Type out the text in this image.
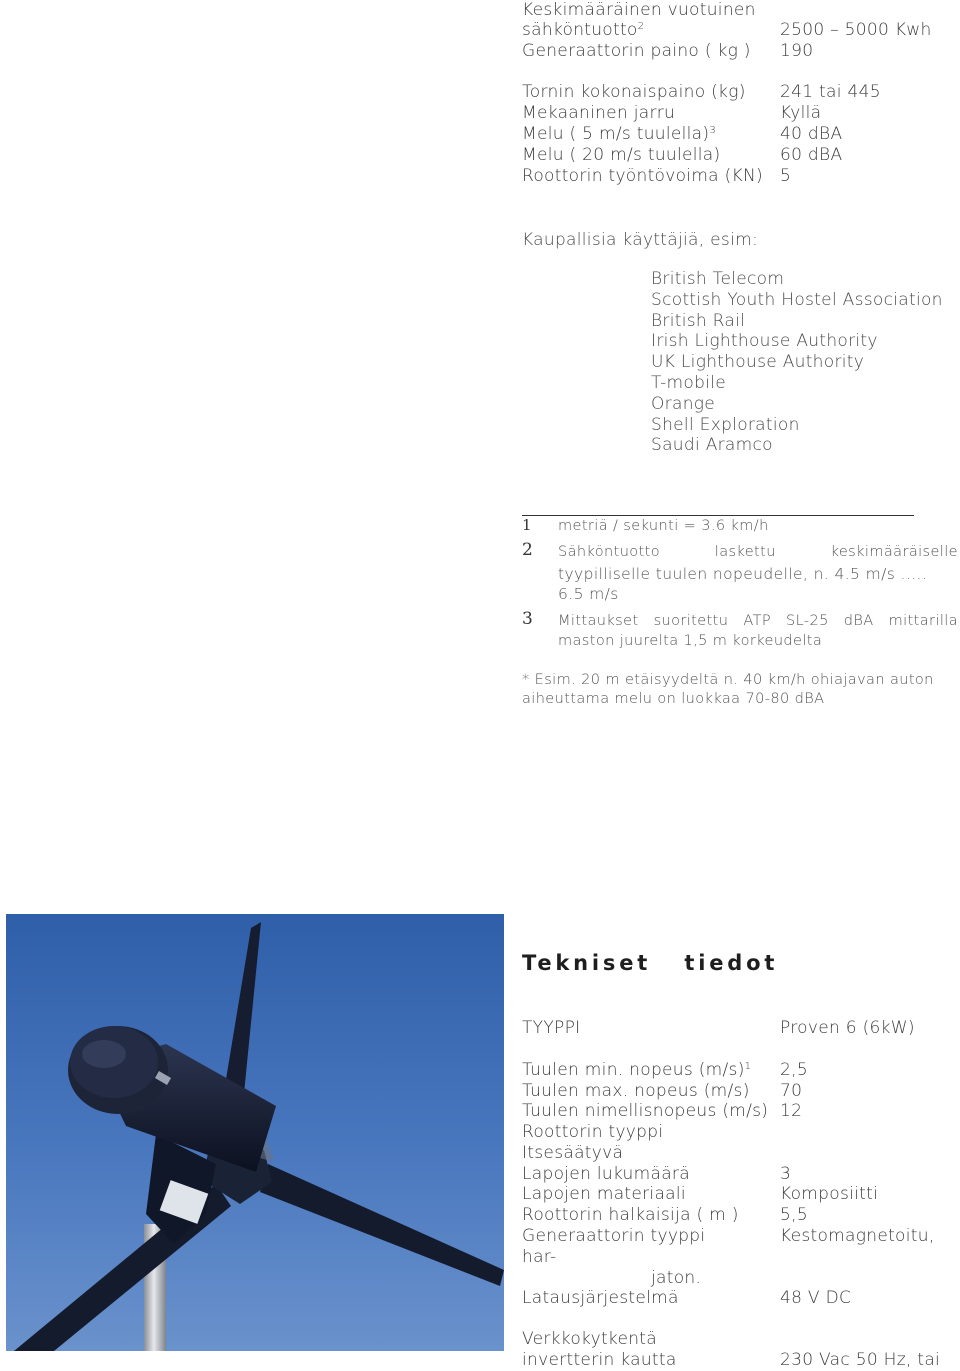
Keskimääräinen vuotuinen
sähköntuotto$^2$	2500 – 5000 Kwh
Generaattorin paino ( kg ) 190
Tornin kokonaispaino (kg) 241 tai 445
Mekaaninen jarru	Kyllä
Melu ( 5 m/s tuulella)$^3$	40 dBA
Melu ( 20 m/s tuulella)	60 dBA
Roottorin työntövoima (KN) 5
Kaupallisia käyttäjiä, esim:
British Telecom
Scottish Youth Hostel Association
British Rail
Irish Lighthouse Authority
UK Lighthouse Authority
T-mobile
Orange
Shell Exploration
Saudi Aramco
1 metriä / sekunti = 3.6 km/h
2 Sähköntuotto	laskettu	keskimääräiselle
tyypilliselle tuulen nopeudelle, n. 4.5 m/s .....
6.5 m/s
3 Mittaukset suoritettu ATP SL-25 dBA mittarilla
maston juurelta 1,5 m korkeudelta
* Esim. 20 m etäisyydeltä n. 40 km/h ohiajavan auton
aiheuttama melu on luokkaa 70-80 dBA
Tekniset   tiedot
TYYPPI	Proven 6 (6kW)
Tuulen min. nopeus $(m/s)^1$ 2,5
Tuulen max. nopeus (m/s) 70
Tuulen nimellisnopeus (m/s) 12
Roottorin tyyppi
Itsesäätyvä
Lapojen lukumäärä	3
Lapojen materiaali	Komposiitti
Roottorin halkaisija ( m ) 5,5
Generaattorin tyyppi	Kestomagnetoitu,
har-
jaton.
Latausjärjestelmä	48 V DC
Verkkokytkentä
invertterin kautta	230 Vac 50 Hz, tai
